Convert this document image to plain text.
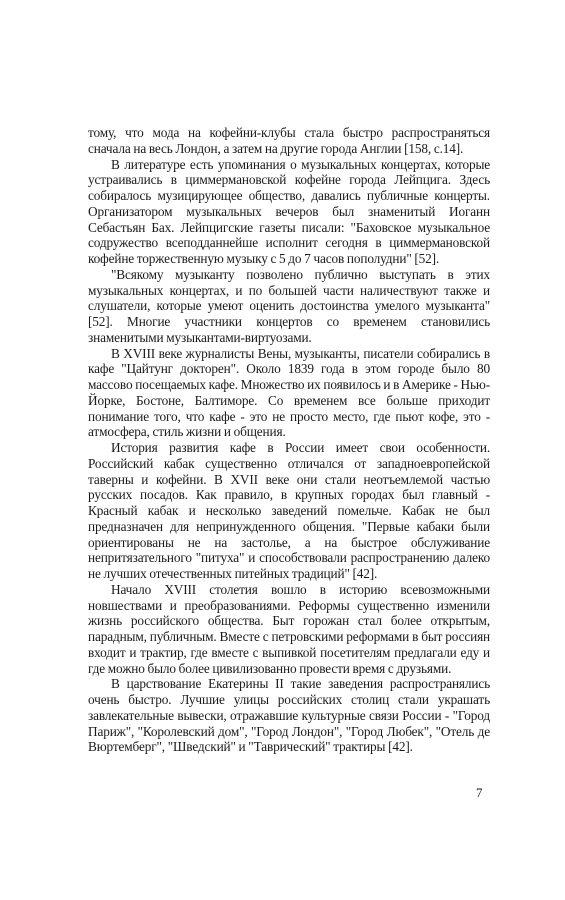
тому, что мода на кофейни-клубы стала быстро распространяться сначала на весь Лондон, а затем на другие города Англии [158, с.14].

В литературе есть упоминания о музыкальных концертах, которые устраивались в циммермановской кофейне города Лейпцига. Здесь собиралось музицирующее общество, давались публичные концерты. Организатором музыкальных вечеров был знаменитый Иоганн Себастьян Бах. Лейпцигские газеты писали: "Баховское музыкальное содружество всеподданнейше исполнит сегодня в циммермановской кофейне торжественную музыку с 5 до 7 часов пополудни" [52].

"Всякому музыканту позволено публично выступать в этих музыкальных концертах, и по большей части наличествуют также и слушатели, которые умеют оценить достоинства умелого музыканта" [52]. Многие участники концертов со временем становились знаменитыми музыкантами-виртуозами.

В XVIII веке журналисты Вены, музыканты, писатели собирались в кафе "Цайтунг докторен". Около 1839 года в этом городе было 80 массово посещаемых кафе. Множество их появилось и в Америке - Нью-Йорке, Бостоне, Балтиморе. Со временем все больше приходит понимание того, что кафе - это не просто место, где пьют кофе, это - атмосфера, стиль жизни и общения.

История развития кафе в России имеет свои особенности. Российский кабак существенно отличался от западноевропейской таверны и кофейни. В XVII веке они стали неотъемлемой частью русских посадов. Как правило, в крупных городах был главный - Красный кабак и несколько заведений помельче. Кабак не был предназначен для непринужденного общения. "Первые кабаки были ориентированы не на застолье, а на быстрое обслуживание непритязательного "питуха" и способствовали распространению далеко не лучших отечественных питейных традиций" [42].

Начало XVIII столетия вошло в историю всевозможными новшествами и преобразованиями. Реформы существенно изменили жизнь российского общества. Быт горожан стал более открытым, парадным, публичным. Вместе с петровскими реформами в быт россиян входит и трактир, где вместе с выпивкой посетителям предлагали еду и где можно было более цивилизованно провести время с друзьями.

В царствование Екатерины II такие заведения распространялись очень быстро. Лучшие улицы российских столиц стали украшать завлекательные вывески, отражавшие культурные связи России - "Город Париж", "Королевский дом", "Город Лондон", "Город Любек", "Отель де Вюртемберг", "Шведский" и "Таврический" трактиры [42].

7
